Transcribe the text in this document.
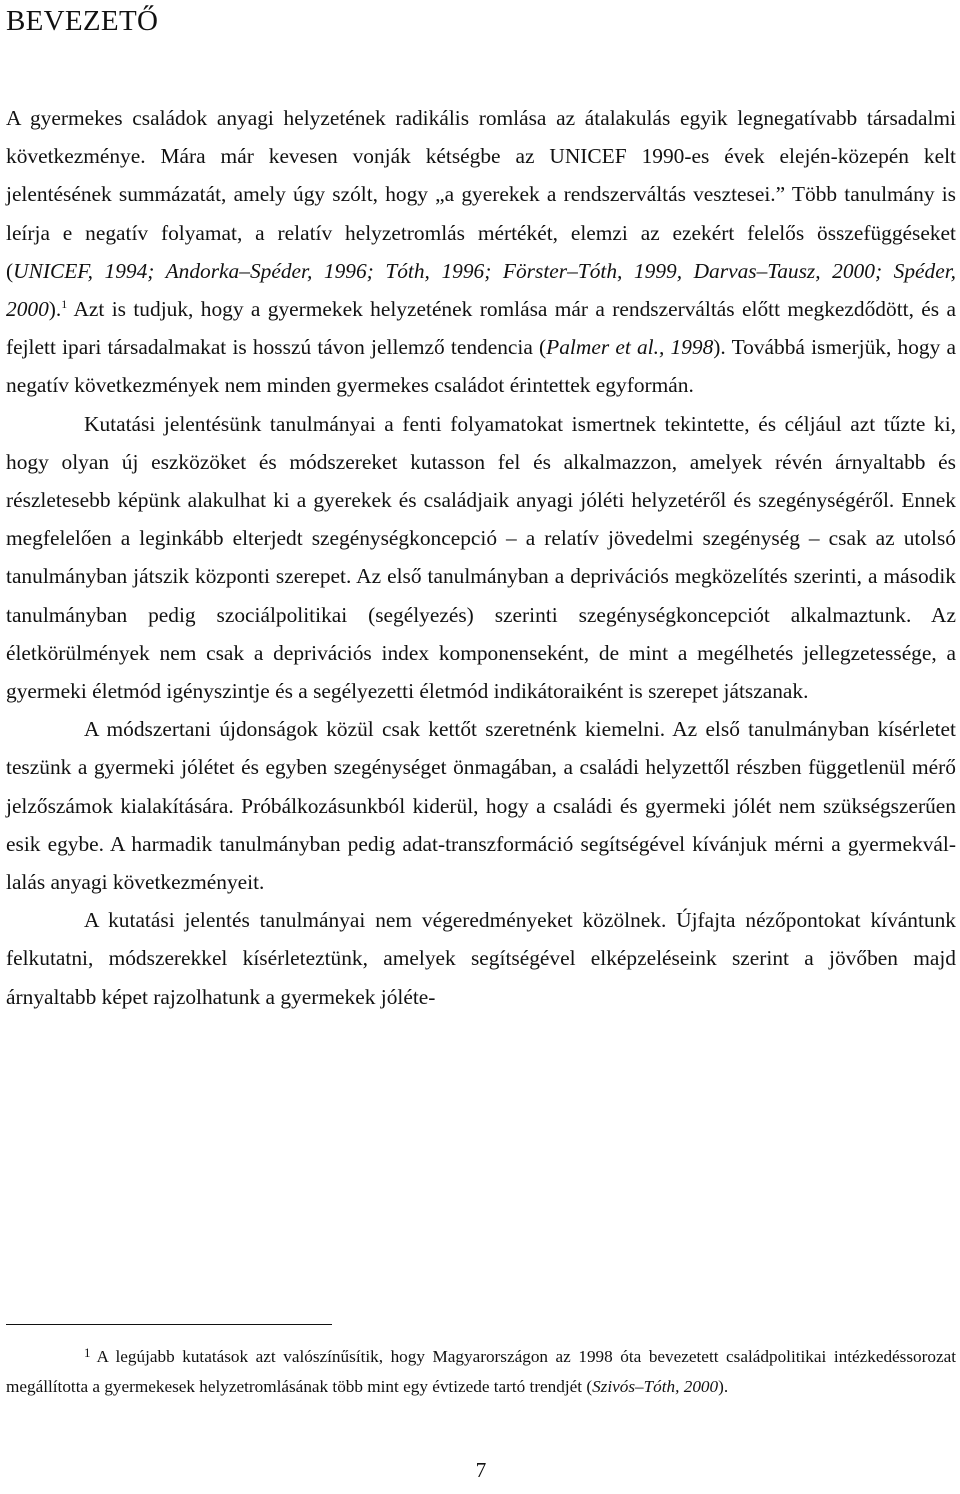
BEVEZETŐ

A gyermekes családok anyagi helyzetének radikális romlása az átalakulás egyik legnegatívabb társadalmi következménye. Mára már kevesen vonják kétségbe az UNICEF 1990-es évek elején-közepén kelt jelentésének summázatát, amely úgy szólt, hogy „a gyerekek a rendszerváltás vesztesei.” Több tanulmány is leírja e negatív folyamat, a relatív helyzetromlás mértékét, elemzi az ezekért felelős összefüggéseket (UNICEF, 1994; Andorka–Spéder, 1996; Tóth, 1996; Förster–Tóth, 1999, Darvas–Tausz, 2000; Spéder, 2000).$^1$ Azt is tudjuk, hogy a gyermekek helyzetének romlása már a rendszerváltás előtt megkezdődött, és a fejlett ipari társadalmakat is hosszú távon jellemző tendencia (Palmer et al., 1998). Továbbá ismerjük, hogy a negatív következmények nem minden gyermekes családot érintettek egyformán.

Kutatási jelentésünk tanulmányai a fenti folyamatokat ismertnek tekintette, és céljául azt tűzte ki, hogy olyan új eszközöket és módszereket kutasson fel és alkalmazzon, amelyek révén árnyaltabb és részletesebb képünk alakulhat ki a gyerekek és családjaik anyagi jóléti helyzetéről és szegénységéről. Ennek megfelelően a leginkább elterjedt szegénységkoncepció – a relatív jövedelmi szegénység – csak az utolsó tanulmányban játszik központi szerepet. Az első tanulmányban a deprivációs megközelítés szerinti, a második tanulmányban pedig szociálpolitikai (segélyezés) szerinti szegénységkoncepciót alkalmaztunk. Az életkörülmények nem csak a deprivációs index komponenseként, de mint a megélhetés jellegzetessége, a gyermeki életmód igényszintje és a segélyezetti életmód indikátoraiként is szerepet játszanak.

A módszertani újdonságok közül csak kettőt szeretnénk kiemelni. Az első tanulmányban kísérletet teszünk a gyermeki jólétet és egyben szegénységet önmagában, a családi helyzettől részben függetlenül mérő jelzőszámok kialakítására. Próbálkozásunkból kiderül, hogy a családi és gyermeki jólét nem szükségszerűen esik egybe. A harmadik tanulmányban pedig adat-transzformáció segítségével kívánjuk mérni a gyermekvállalás anyagi következményeit.

A kutatási jelentés tanulmányai nem végeredményeket közölnek. Újfajta nézőpontokat kívántunk felkutatni, módszerekkel kísérleteztünk, amelyek segítségével elképzeléseink szerint a jövőben majd árnyaltabb képet rajzolhatunk a gyermekek jóléte-

1 A legújabb kutatások azt valószínűsítik, hogy Magyarországon az 1998 óta bevezetett családpolitikai intézkedéssorozat megállította a gyermekesek helyzetromlásának több mint egy évtizede tartó trendjét (Szivós–Tóth, 2000).

7
